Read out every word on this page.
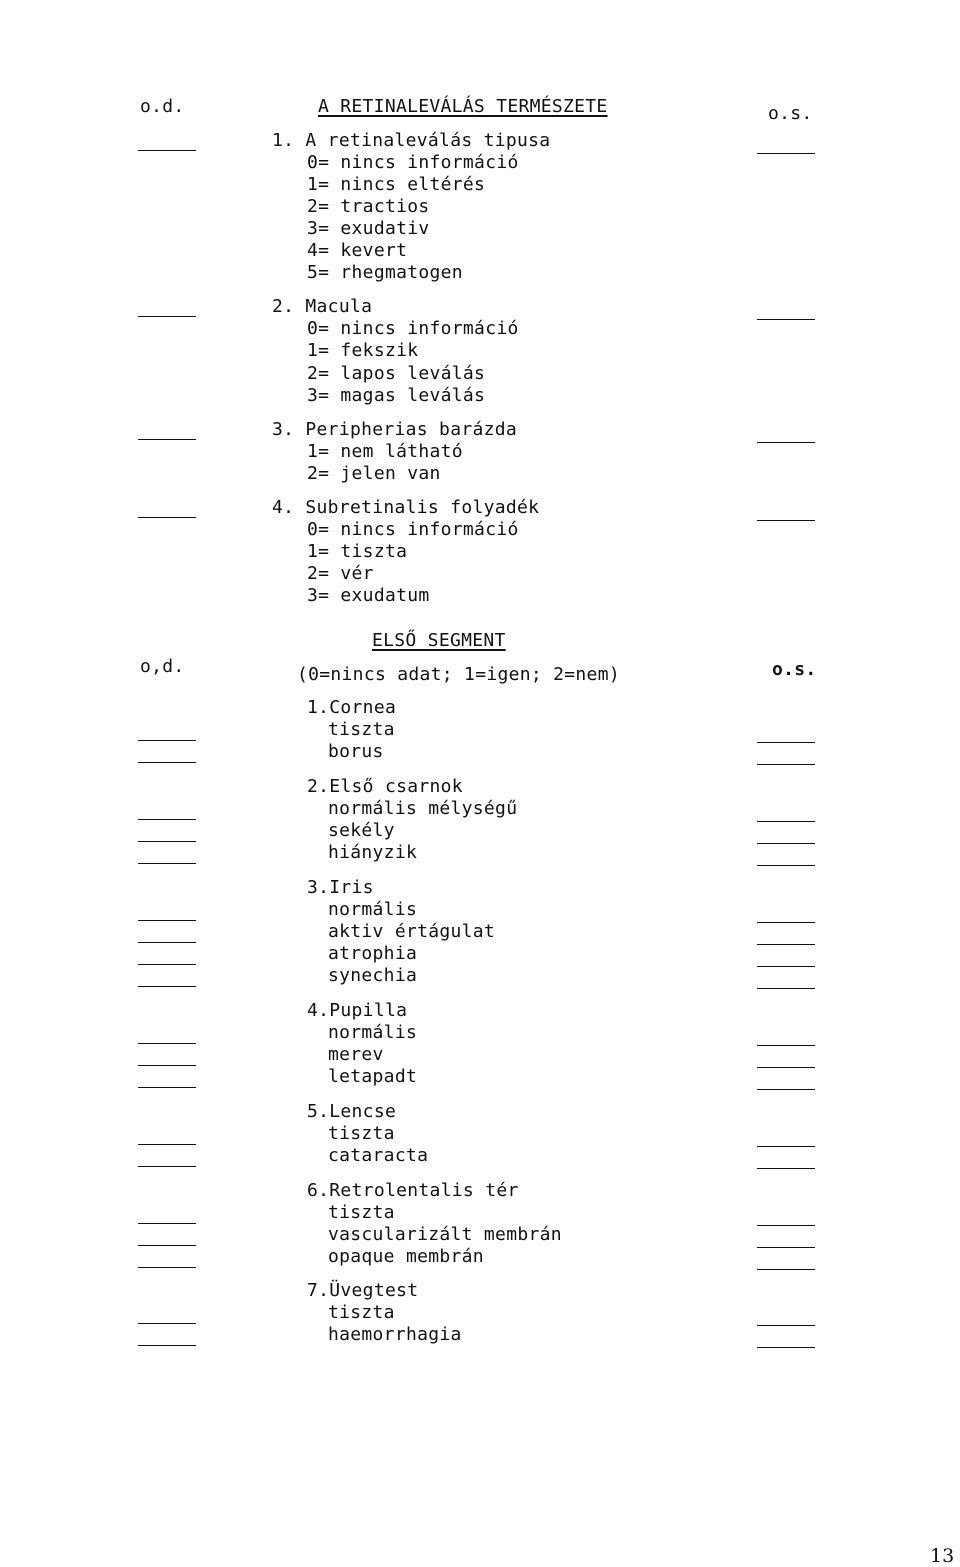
o.d.	A RETINALEVÁLÁS TERMÉSZETE	o.s.
1. A retinaleválás tipusa
0= nincs információ
1= nincs eltérés
2= tractios
3= exudativ
4= kevert
5= rhegmatogen
2. Macula
0= nincs információ
1= fekszik
2= lapos leválás
3= magas leválás
3. Peripherias barázda
1= nem látható
2= jelen van
4. Subretinalis folyadék
0= nincs információ
1= tiszta
2= vér
3= exudatum
ELSŐ SEGMENT
o,d.	(0=nincs adat; 1=igen; 2=nem)	o.s.
1.Cornea
tiszta
borus
2.Első csarnok
normális mélységű
sekély
hiányzik
3.Iris
normális
aktiv értágulat
atrophia
synechia
4.Pupilla
normális
merev
letapadt
5.Lencse
tiszta
cataracta
6.Retrolentalis tér
tiszta
vascularizált membrán
opaque membrán
7.Üvegtest
tiszta
haemorrhagia
13
